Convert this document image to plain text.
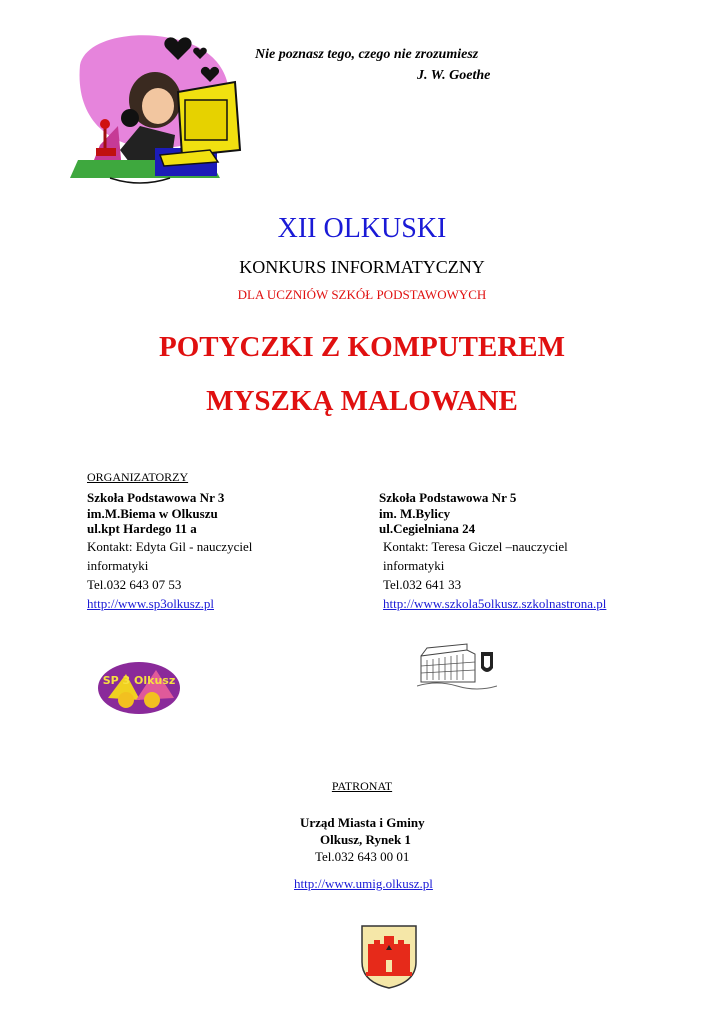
Nie poznasz tego, czego nie zrozumiesz
J. W. Goethe
XII OLKUSKI
KONKURS INFORMATYCZNY
DLA UCZNIÓW SZKÓŁ PODSTAWOWYCH
POTYCZKI Z KOMPUTEREM
MYSZKĄ MALOWANE
ORGANIZATORZY
Szkoła Podstawowa Nr 3
im.M.Biema w Olkuszu
ul.kpt Hardego 11 a
Kontakt: Edyta Gil - nauczyciel
informatyki
Tel.032 643 07 53
http://www.sp3olkusz.pl
Szkoła Podstawowa Nr 5
im. M.Bylicy
ul.Cegielniana 24
Kontakt: Teresa Giczel –nauczyciel
informatyki
Tel.032 641 33
http://www.szkola5olkusz.szkolnastrona.pl
SP 3 Olkusz
PATRONAT
Urząd Miasta i Gminy
Olkusz, Rynek 1
Tel.032 643 00 01
http://www.umig.olkusz.pl
